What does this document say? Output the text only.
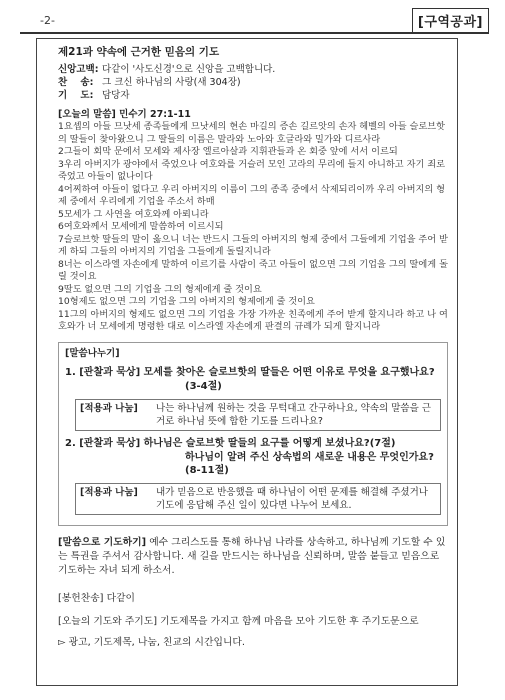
-2-	[구역공과]
제21과 약속에 근거한 믿음의 기도
신앙고백: 다같이 '사도신경'으로 신앙을 고백합니다.
찬    송: 그 크신 하나님의 사랑(새 304장)
기    도: 담당자
[오늘의 말씀] 민수기 27:1-11
1요셉의 아들 므낫세 종족들에게 므낫세의 현손 마길의 증손 길르앗의 손자 헤벨의 아들 슬로브핫의 딸들이 찾아왔으니 그 딸들의 이름은 말라와 노아와 호글라와 밀가와 디르사라
2그들이 회막 문에서 모세와 제사장 엘르아살과 지휘관들과 온 회중 앞에 서서 이르되
3우리 아버지가 광야에서 죽었으나 여호와를 거슬러 모인 고라의 무리에 들지 아니하고 자기 죄로 죽었고 아들이 없나이다
4어찌하여 아들이 없다고 우리 아버지의 이름이 그의 종족 중에서 삭제되리이까 우리 아버지의 형제 중에서 우리에게 기업을 주소서 하매
5모세가 그 사연을 여호와께 아뢰니라
6여호와께서 모세에게 말씀하여 이르시되
7슬로브핫 딸들의 말이 옳으니 너는 반드시 그들의 아버지의 형제 중에서 그들에게 기업을 주어 받게 하되 그들의 아버지의 기업을 그들에게 돌릴지니라
8너는 이스라엘 자손에게 말하여 이르기를 사람이 죽고 아들이 없으면 그의 기업을 그의 딸에게 돌릴 것이요
9딸도 없으면 그의 기업을 그의 형제에게 줄 것이요
10형제도 없으면 그의 기업을 그의 아버지의 형제에게 줄 것이요
11그의 아버지의 형제도 없으면 그의 기업을 가장 가까운 친족에게 주어 받게 할지니라 하고 나 여호와가 너 모세에게 명령한 대로 이스라엘 자손에게 판결의 규례가 되게 할지니라
[말씀나누기]
1. [관찰과 묵상] 모세를 찾아온 슬로브핫의 딸들은 어떤 이유로 무엇을 요구했나요?
(3-4절)
[적용과 나눔]	나는 하나님께 원하는 것을 무턱대고 간구하나요, 약속의 말씀을 근거로 하나님 뜻에 합한 기도를 드리나요?
2. [관찰과 묵상] 하나님은 슬로브핫 딸들의 요구를 어떻게 보셨나요?(7절)
하나님이 알려 주신 상속법의 새로운 내용은 무엇인가요?(8-11절)
[적용과 나눔]	내가 믿음으로 반응했을 때 하나님이 어떤 문제를 해결해 주셨거나 기도에 응답해 주신 일이 있다면 나누어 보세요.
[말씀으로 기도하기] 예수 그리스도를 통해 하나님 나라를 상속하고, 하나님께 기도할 수 있는 특권을 주셔서 감사합니다. 새 길을 만드시는 하나님을 신뢰하며, 말씀 붙들고 믿음으로 기도하는 자녀 되게 하소서.
[봉헌찬송] 다같이
[오늘의 기도와 주기도] 기도제목을 가지고 함께 마음을 모아 기도한 후 주기도문으로
▻ 광고, 기도제목, 나눔, 친교의 시간입니다.
